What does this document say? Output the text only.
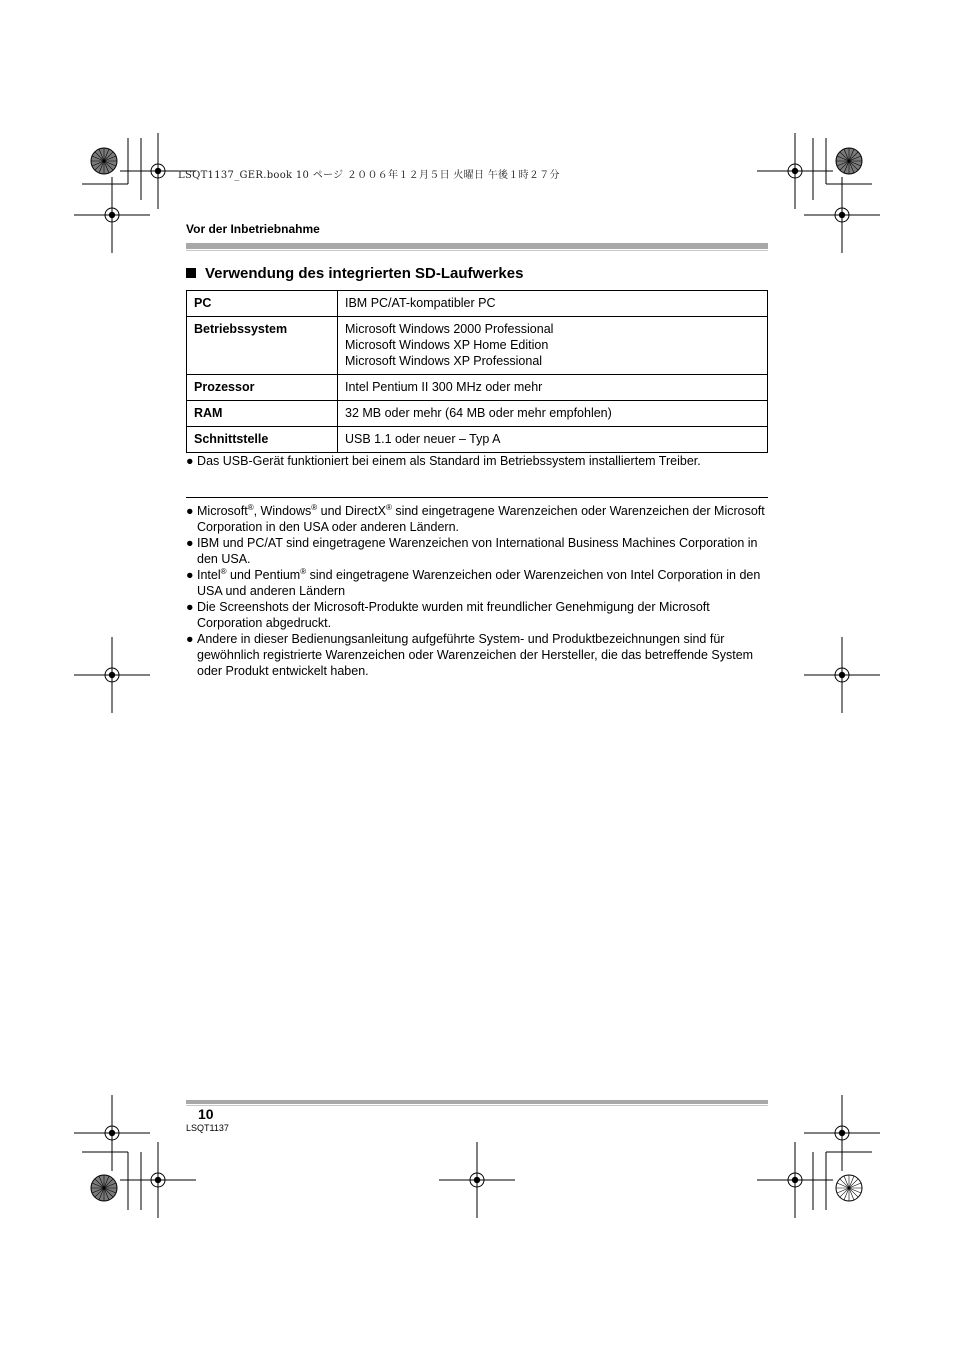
LSQT1137_GER.book 10 ページ ２００６年１２月５日 火曜日 午後１時２７分
Vor der Inbetriebnahme
Verwendung des integrierten SD-Laufwerkes
PC	IBM PC/AT-kompatibler PC

Betriebssystem	Microsoft Windows 2000 Professional
Microsoft Windows XP Home Edition
Microsoft Windows XP Professional

Prozessor	Intel Pentium II 300 MHz oder mehr

RAM	32 MB oder mehr (64 MB oder mehr empfohlen)

Schnittstelle	USB 1.1 oder neuer – Typ A
● Das USB-Gerät funktioniert bei einem als Standard im Betriebssystem installiertem Treiber.
● Microsoft®, Windows® und DirectX® sind eingetragene Warenzeichen oder Warenzeichen der Microsoft Corporation in den USA oder anderen Ländern.
● IBM und PC/AT sind eingetragene Warenzeichen von International Business Machines Corporation in den USA.
● Intel® und Pentium® sind eingetragene Warenzeichen oder Warenzeichen von Intel Corporation in den USA und anderen Ländern
● Die Screenshots der Microsoft-Produkte wurden mit freundlicher Genehmigung der Microsoft Corporation abgedruckt.
● Andere in dieser Bedienungsanleitung aufgeführte System- und Produktbezeichnungen sind für gewöhnlich registrierte Warenzeichen oder Warenzeichen der Hersteller, die das betreffende System oder Produkt entwickelt haben.
10
LSQT1137
